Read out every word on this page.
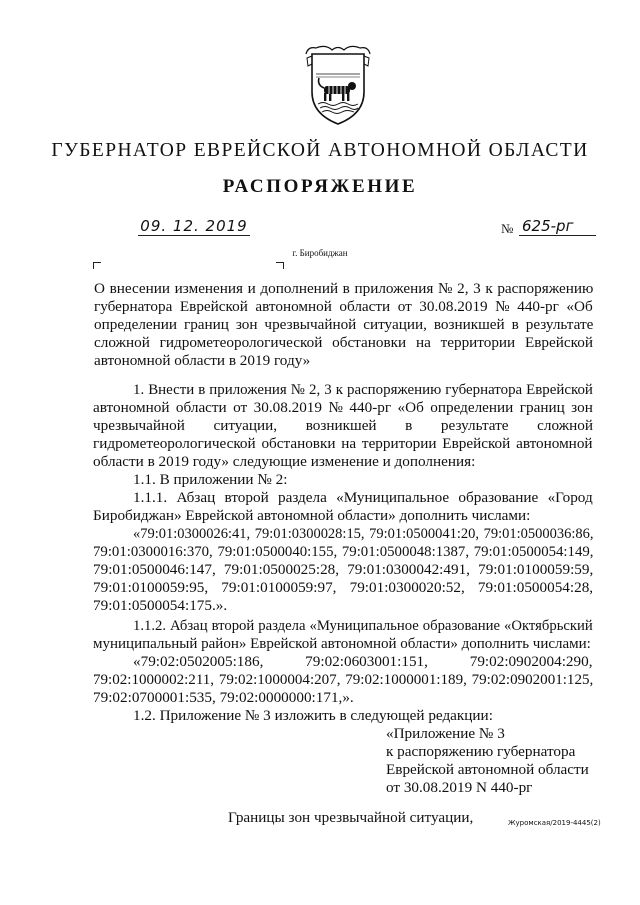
ГУБЕРНАТОР ЕВРЕЙСКОЙ АВТОНОМНОЙ ОБЛАСТИ
РАСПОРЯЖЕНИЕ
09. 12. 2019	№ 625-рг
г. Биробиджан
О внесении изменения и дополнений в приложения № 2, 3 к распоряжению
губернатора Еврейской автономной области от 30.08.2019 № 440-рг «Об
определении границ зон чрезвычайной ситуации, возникшей в результате
сложной гидрометеорологической обстановки на территории Еврейской
автономной области в 2019 году»
1. Внести в приложения № 2, 3 к распоряжению губернатора Еврейской
автономной области от 30.08.2019 № 440-рг «Об определении границ зон
чрезвычайной ситуации, возникшей в результате сложной
гидрометеорологической обстановки на территории Еврейской автономной
области в 2019 году» следующие изменение и дополнения:
1.1. В приложении № 2:
1.1.1. Абзац второй раздела «Муниципальное образование «Город
Биробиджан» Еврейской автономной области» дополнить числами:
«79:01:0300026:41, 79:01:0300028:15, 79:01:0500041:20, 79:01:0500036:86,
79:01:0300016:370, 79:01:0500040:155, 79:01:0500048:1387, 79:01:0500054:149,
79:01:0500046:147, 79:01:0500025:28, 79:01:0300042:491, 79:01:0100059:59,
79:01:0100059:95, 79:01:0100059:97, 79:01:0300020:52, 79:01:0500054:28,
79:01:0500054:175.».
1.1.2. Абзац второй раздела «Муниципальное образование «Октябрьский
муниципальный район» Еврейской автономной области» дополнить числами:
«79:02:0502005:186, 79:02:0603001:151, 79:02:0902004:290,
79:02:1000002:211, 79:02:1000004:207, 79:02:1000001:189, 79:02:0902001:125,
79:02:0700001:535, 79:02:0000000:171,».
1.2. Приложение № 3 изложить в следующей редакции:
«Приложение № 3
к распоряжению губернатора
Еврейской автономной области
от 30.08.2019 N 440-рг
Границы зон чрезвычайной ситуации,	Журомская/2019-4445(2)
